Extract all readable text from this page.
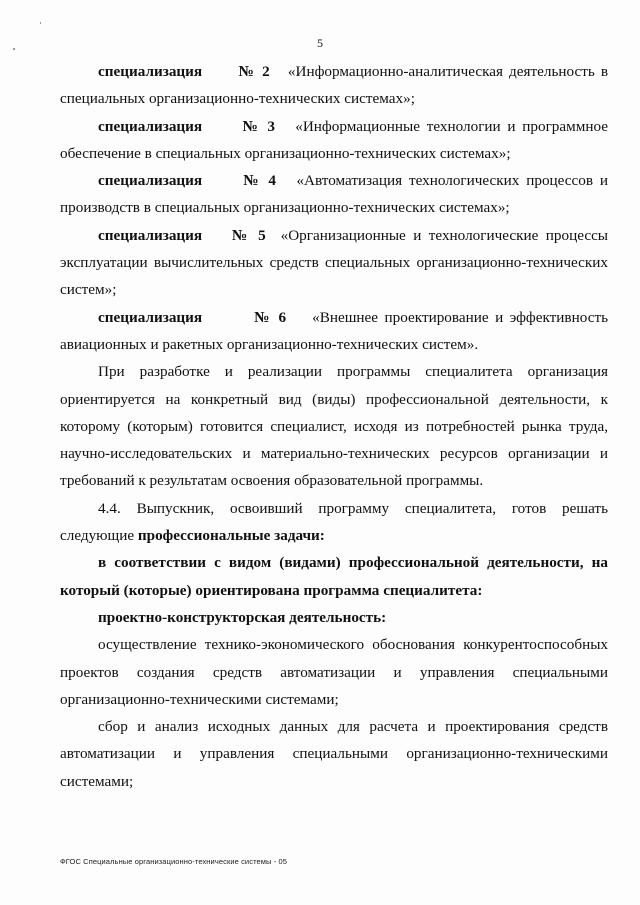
5

специализация № 2 «Информационно-аналитическая деятельность в специальных организационно-технических системах»;

специализация	№ 3 «Информационные технологии и программное обеспечение в специальных организационно-технических системах»;

специализация	№ 4 «Автоматизация технологических процессов и производств в специальных организационно-технических системах»;

специализация № 5 «Организационные и технологические процессы эксплуатации вычислительных средств специальных организационно-технических систем»;

специализация	№ 6 «Внешнее проектирование и эффективность авиационных и ракетных организационно-технических систем».

При разработке и реализации программы специалитета организация ориентируется на конкретный вид (виды) профессиональной деятельности, к которому (которым) готовится специалист, исходя из потребностей рынка труда, научно-исследовательских и материально-технических ресурсов организации и требований к результатам освоения образовательной программы.

4.4. Выпускник, освоивший программу специалитета, готов решать следующие профессиональные задачи:

в соответствии с видом (видами) профессиональной деятельности, на который (которые) ориентирована программа специалитета:

проектно-конструкторская деятельность:

осуществление технико-экономического обоснования конкурентоспособных проектов создания средств автоматизации и управления специальными организационно-техническими системами;

сбор и анализ исходных данных для расчета и проектирования средств автоматизации и управления специальными организационно-техническими системами;

ФГОС Специальные организационно-технические системы - 05
